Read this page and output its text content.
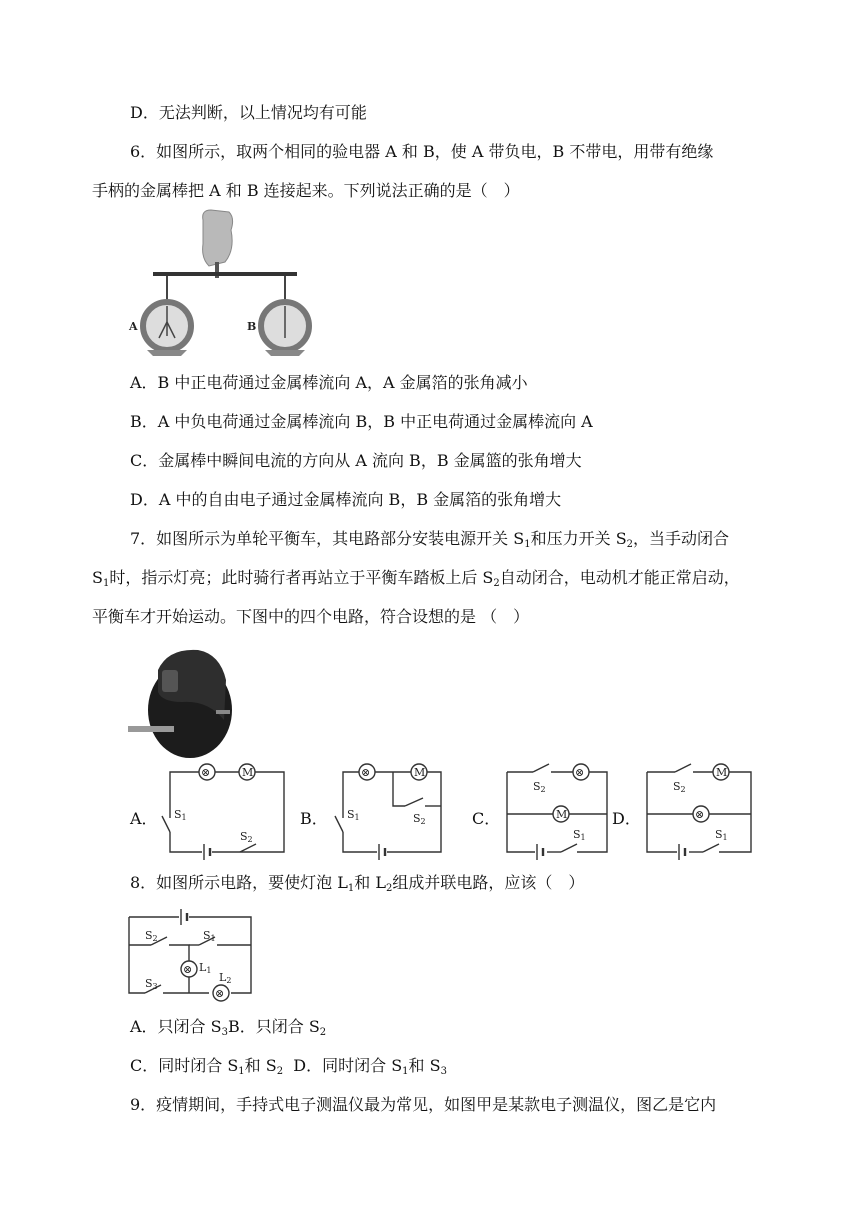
D．无法判断，以上情况均有可能
6．如图所示，取两个相同的验电器 A 和 B，使 A 带负电，B 不带电，用带有绝缘
手柄的金属棒把 A 和 B 连接起来。下列说法正确的是（　）
A	B
A．B 中正电荷通过金属棒流向 A，A 金属箔的张角减小
B．A 中负电荷通过金属棒流向 B，B 中正电荷通过金属棒流向 A
C．金属棒中瞬间电流的方向从 A 流向 B，B 金属篮的张角增大
D．A 中的自由电子通过金属棒流向 B，B 金属箔的张角增大
7．如图所示为单轮平衡车，其电路部分安装电源开关 $S_1$和压力开关 $S_2$，当手动闭合
$S_1$时，指示灯亮；此时骑行者再站立于平衡车踏板上后 $S_2$自动闭合，电动机才能正常启动，
平衡车才开始运动。下图中的四个电路，符合设想的是 （　）
A．
⊗	M
S1
S2
B．
⊗	M
S1	S2	C．
⊗
M
S2
S1
D．
M
⊗
S2
S1
8．如图所示电路，要使灯泡 $L_1$和 $L_2$组成并联电路，应该（　）
⊗
⊗
S2	S1
S3
L1
L2
A．只闭合 $S_3B$．只闭合 $S_2$
C．同时闭合 $S_1$和 $S_2$ D．同时闭合 $S_1$和 $S_3$
9．疫情期间，手持式电子测温仪最为常见，如图甲是某款电子测温仪，图乙是它内
